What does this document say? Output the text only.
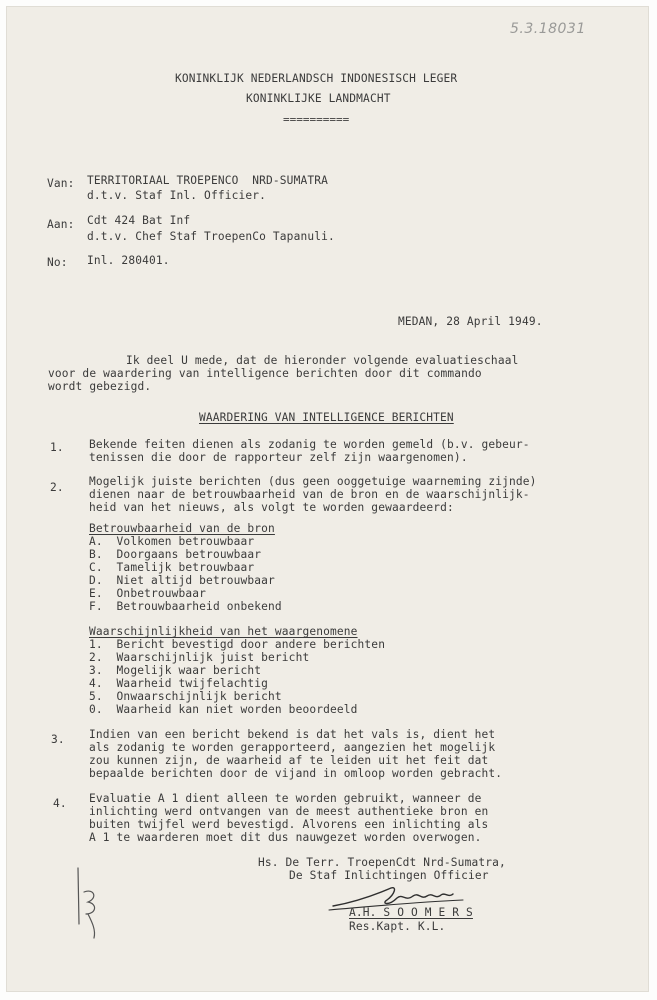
5.3.18031
KONINKLIJK NEDERLANDSCH INDONESISCH LEGER
KONINKLIJKE LANDMACHT
==========
Van: TERRITORIAAL TROEPENCO  NRD-SUMATRA
d.t.v. Staf Inl. Officier.
Aan: Cdt 424 Bat Inf
d.t.v. Chef Staf TroepenCo Tapanuli.
No: Inl. 280401.
MEDAN, 28 April 1949.
Ik deel U mede, dat de hieronder volgende evaluatieschaal
voor de waardering van intelligence berichten door dit commando
wordt gebezigd.
WAARDERING VAN INTELLIGENCE BERICHTEN
1. Bekende feiten dienen als zodanig te worden gemeld (b.v. gebeur-
tenissen die door de rapporteur zelf zijn waargenomen).
2. Mogelijk juiste berichten (dus geen ooggetuige waarneming zijnde)
dienen naar de betrouwbaarheid van de bron en de waarschijnlijk-
heid van het nieuws, als volgt te worden gewaardeerd:
Betrouwbaarheid van de bron
A.  Volkomen betrouwbaar
B.  Doorgaans betrouwbaar
C.  Tamelijk betrouwbaar
D.  Niet altijd betrouwbaar
E.  Onbetrouwbaar
F.  Betrouwbaarheid onbekend
Waarschijnlijkheid van het waargenomene
1.  Bericht bevestigd door andere berichten
2.  Waarschijnlijk juist bericht
3.  Mogelijk waar bericht
4.  Waarheid twijfelachtig
5.  Onwaarschijnlijk bericht
0.  Waarheid kan niet worden beoordeeld
3. Indien van een bericht bekend is dat het vals is, dient het
als zodanig te worden gerapporteerd, aangezien het mogelijk
zou kunnen zijn, de waarheid af te leiden uit het feit dat
bepaalde berichten door de vijand in omloop worden gebracht.
4. Evaluatie A 1 dient alleen te worden gebruikt, wanneer de
inlichting werd ontvangen van de meest authentieke bron en
buiten twijfel werd bevestigd. Alvorens een inlichting als
A 1 te waarderen moet dit dus nauwgezet worden overwogen.
Hs. De Terr. TroepenCdt Nrd-Sumatra,
De Staf Inlichtingen Officier
A.H. S O O M E R S
Res.Kapt. K.L.
